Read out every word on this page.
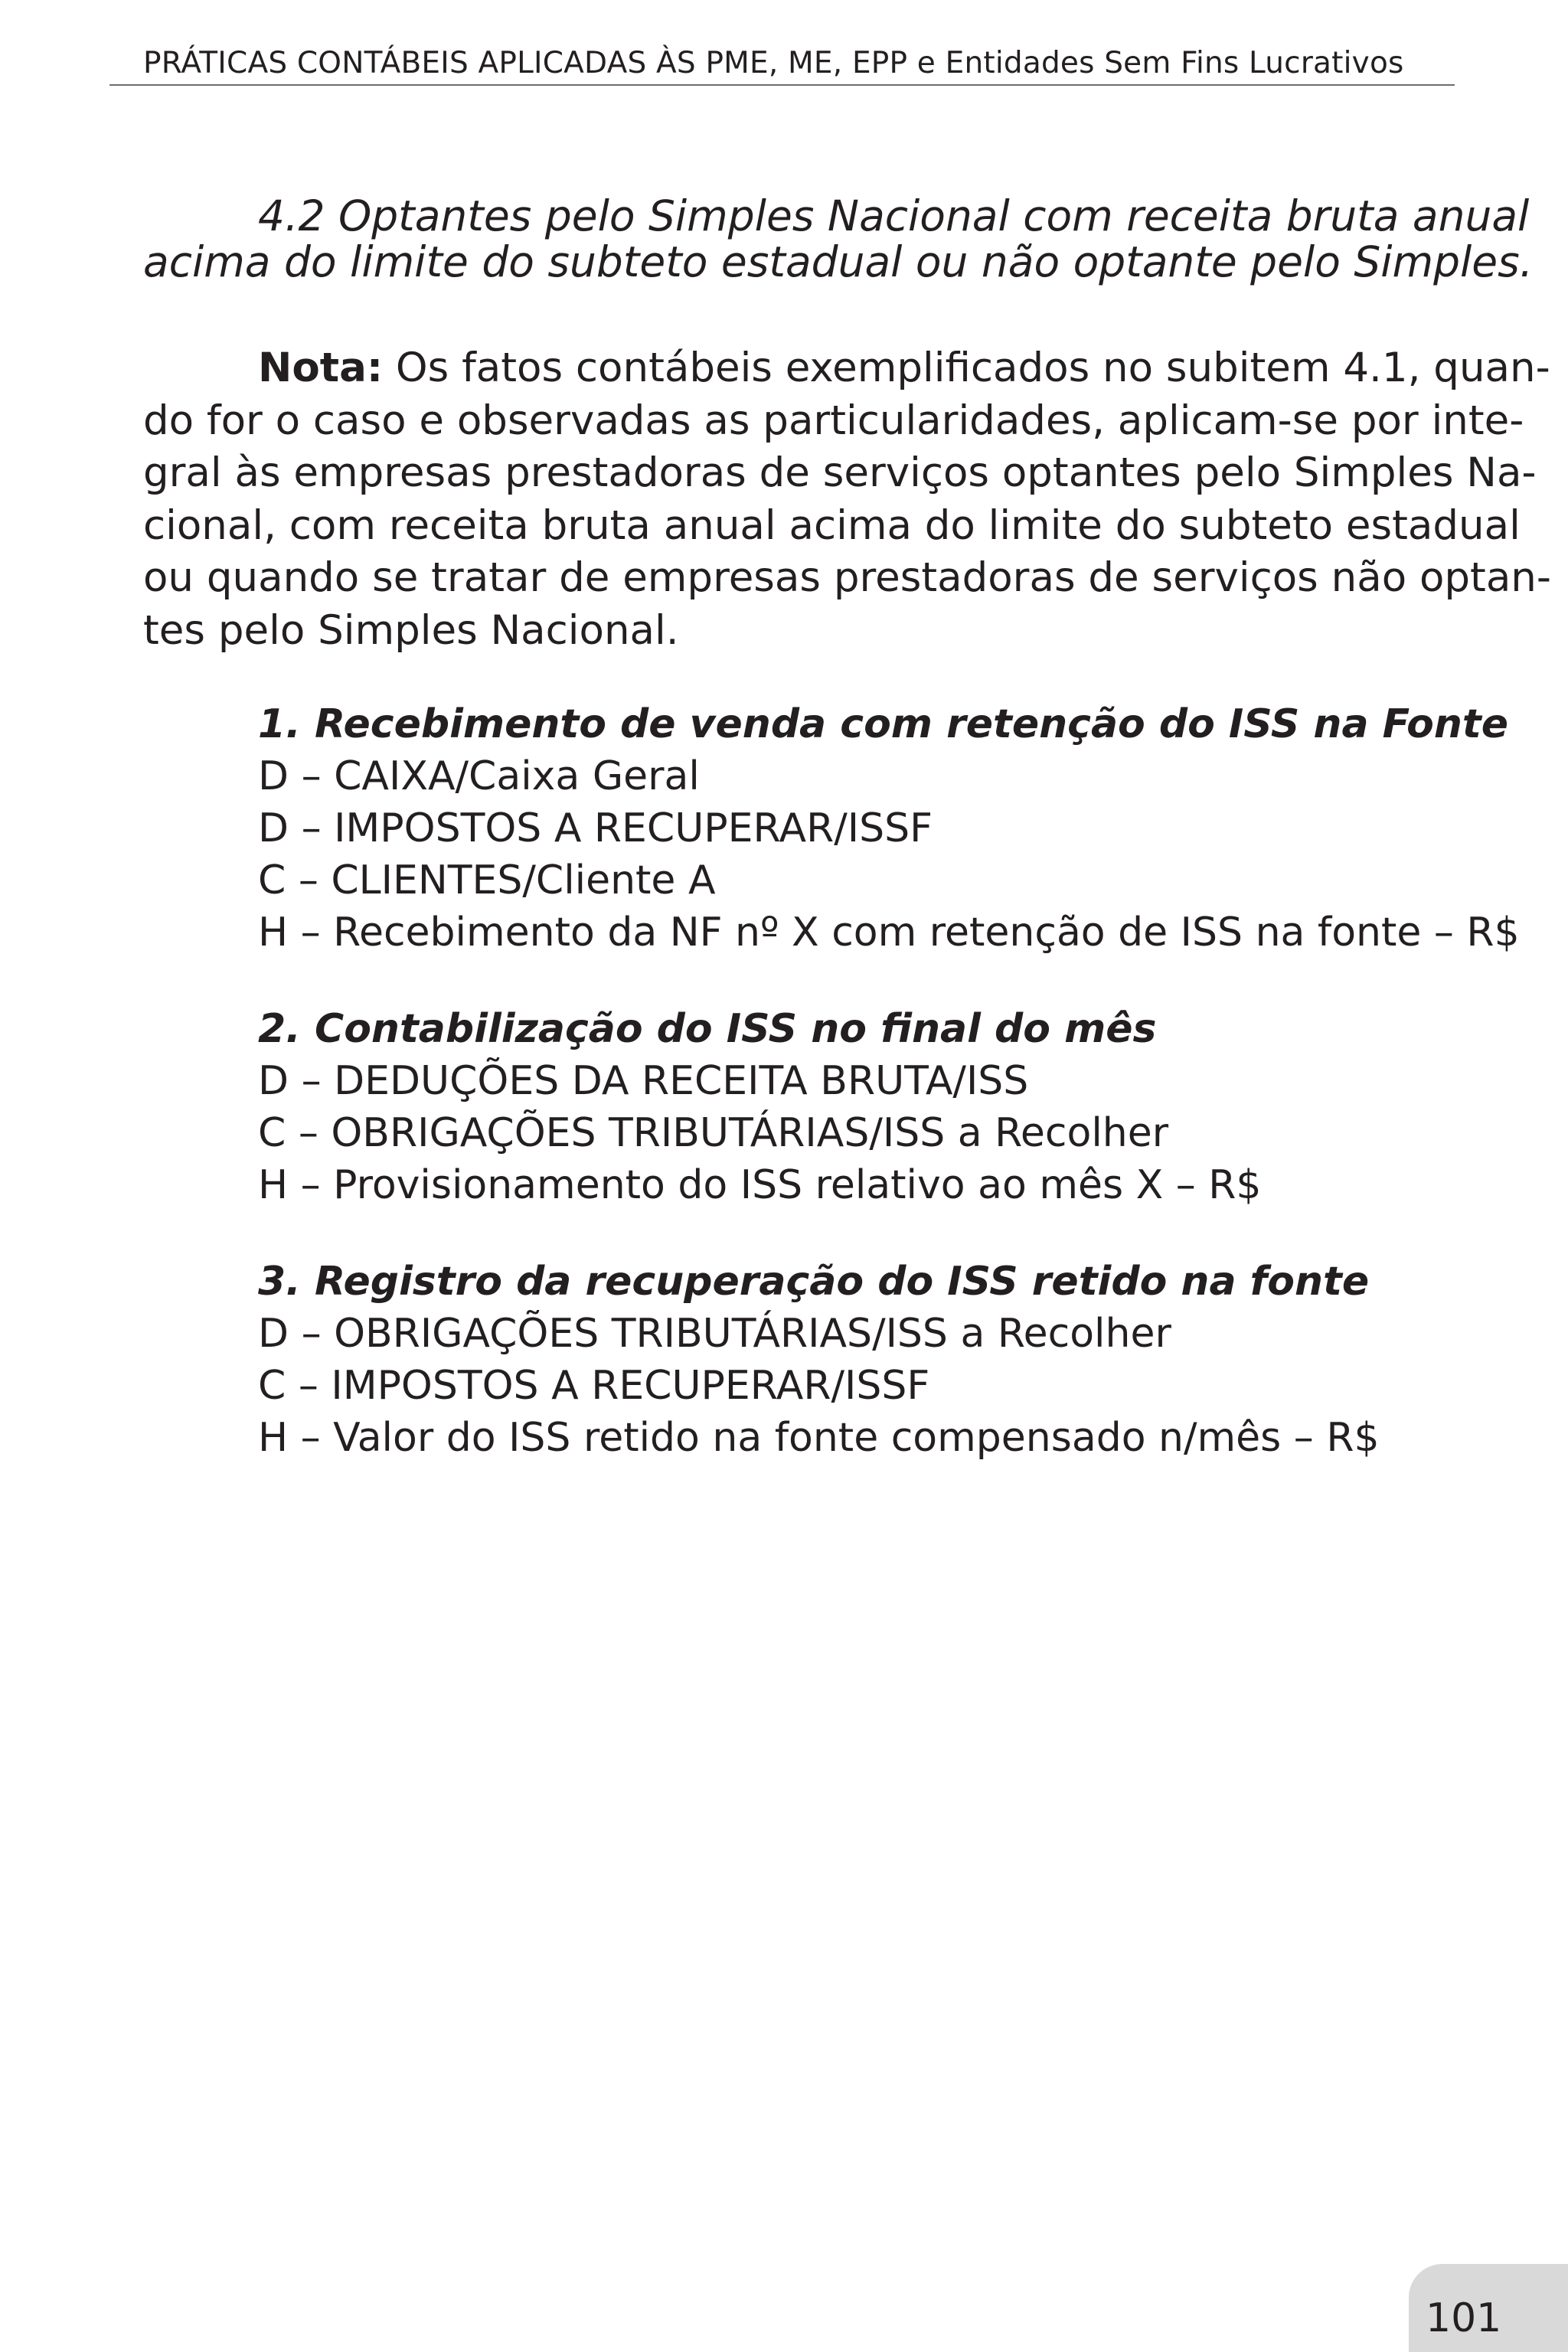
PRÁTICAS CONTÁBEIS APLICADAS ÀS PME, ME, EPP e Entidades Sem Fins Lucrativos
4.2 Optantes pelo Simples Nacional com receita bruta anual
acima do limite do subteto estadual ou não optante pelo Simples.
Nota: Os fatos contábeis exemplificados no subitem 4.1, quan-
do for o caso e observadas as particularidades, aplicam-se por inte-
gral às empresas prestadoras de serviços optantes pelo Simples Na-
cional, com receita bruta anual acima do limite do subteto estadual
ou quando se tratar de empresas prestadoras de serviços não optan-
tes pelo Simples Nacional.
1. Recebimento de venda com retenção do ISS na Fonte
D – CAIXA/Caixa Geral
D – IMPOSTOS A RECUPERAR/ISSF
C – CLIENTES/Cliente A
H – Recebimento da NF nº X com retenção de ISS na fonte – R$
2. Contabilização do ISS no final do mês
D – DEDUÇÕES DA RECEITA BRUTA/ISS
C – OBRIGAÇÕES TRIBUTÁRIAS/ISS a Recolher
H – Provisionamento do ISS relativo ao mês X – R$
3. Registro da recuperação do ISS retido na fonte
D – OBRIGAÇÕES TRIBUTÁRIAS/ISS a Recolher
C – IMPOSTOS A RECUPERAR/ISSF
H – Valor do ISS retido na fonte compensado n/mês – R$
101
